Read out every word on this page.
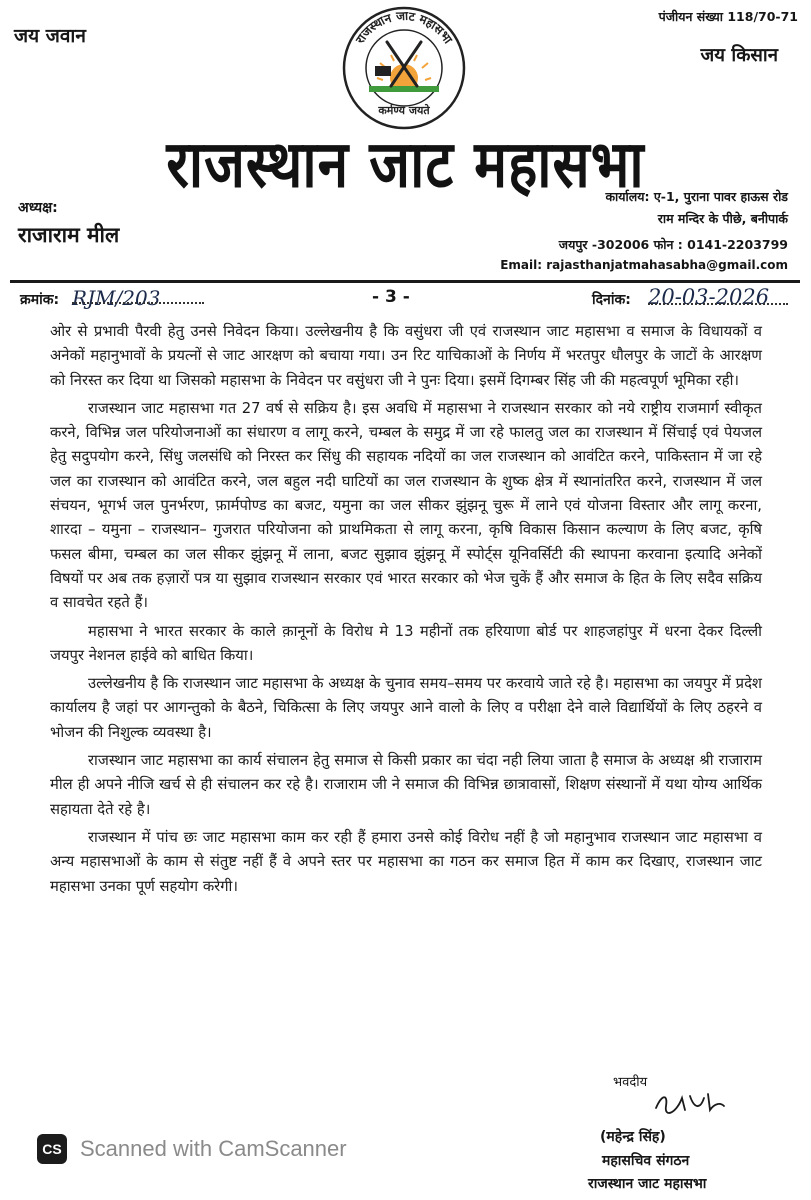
जय जवान
पंजीयन संख्या 118/70-71
जय किसान
राजस्थान जाट महासभा
कर्मण्य जयते
राजस्थान जाट महासभा
अध्यक्ष:
राजाराम मील
कार्यालय: ए-1, पुराना पावर हाऊस रोड
राम मन्दिर के पीछे, बनीपार्क
जयपुर -302006 फोन : 0141-2203799
Email: rajasthanjatmahasabha@gmail.com
क्रमांक: RJM/203	- 3 -	दिनांक: 20-03-2026

ओर से प्रभावी पैरवी हेतु उनसे निवेदन किया। उल्लेखनीय है कि वसुंधरा जी एवं राजस्थान जाट महासभा व समाज के विधायकों व अनेकों महानुभावों के प्रयत्नों से जाट आरक्षण को बचाया गया। उन रिट याचिकाओं के निर्णय में भरतपुर धौलपुर के जाटों के आरक्षण को निरस्त कर दिया था जिसको महासभा के निवेदन पर वसुंधरा जी ने पुनः दिया। इसमें दिगम्बर सिंह जी की महत्वपूर्ण भूमिका रही।

राजस्थान जाट महासभा गत 27 वर्ष से सक्रिय है। इस अवधि में महासभा ने राजस्थान सरकार को नये राष्ट्रीय राजमार्ग स्वीकृत करने, विभिन्न जल परियोजनाओं का संधारण व लागू करने, चम्बल के समुद्र में जा रहे फालतु जल का राजस्थान में सिंचाई एवं पेयजल हेतु सदुपयोग करने, सिंधु जलसंधि को निरस्त कर सिंधु की सहायक नदियों का जल राजस्थान को आवंटित करने, पाकिस्तान में जा रहे जल का राजस्थान को आवंटित करने, जल बहुल नदी घाटियों का जल राजस्थान के शुष्क क्षेत्र में स्थानांतरित करने, राजस्थान में जल संचयन, भूगर्भ जल पुनर्भरण, फ़ार्मपोण्ड का बजट, यमुना का जल सीकर झुंझनू चुरू में लाने एवं योजना विस्तार और लागू करना, शारदा – यमुना – राजस्थान– गुजरात परियोजना को प्राथमिकता से लागू करना, कृषि विकास किसान कल्याण के लिए बजट, कृषि फसल बीमा, चम्बल का जल सीकर झुंझनू में लाना, बजट सुझाव झुंझनू में स्पोर्ट्स यूनिवर्सिटी की स्थापना करवाना इत्यादि अनेकों विषयों पर अब तक हज़ारों पत्र या सुझाव राजस्थान सरकार एवं भारत सरकार को भेज चुकें हैं और समाज के हित के लिए सदैव सक्रिय व सावचेत रहते हैं।

महासभा ने भारत सरकार के काले क़ानूनों के विरोध मे 13 महीनों तक हरियाणा बोर्ड पर शाहजहांपुर में धरना देकर दिल्ली जयपुर नेशनल हाईवे को बाधित किया।

उल्लेखनीय है कि राजस्थान जाट महासभा के अध्यक्ष के चुनाव समय–समय पर करवाये जाते रहे है। महासभा का जयपुर में प्रदेश कार्यालय है जहां पर आगन्तुको के बैठने, चिकित्सा के लिए जयपुर आने वालो के लिए व परीक्षा देने वाले विद्यार्थियों के लिए ठहरने व भोजन की निशुल्क व्यवस्था है।

राजस्थान जाट महासभा का कार्य संचालन हेतु समाज से किसी प्रकार का चंदा नही लिया जाता है समाज के अध्यक्ष श्री राजाराम मील ही अपने नीजि खर्च से ही संचालन कर रहे है। राजाराम जी ने समाज की विभिन्न छात्रावासों, शिक्षण संस्थानों में यथा योग्य आर्थिक सहायता देते रहे है।

राजस्थान में पांच छः जाट महासभा काम कर रही हैं हमारा उनसे कोई विरोध नहीं है जो महानुभाव राजस्थान जाट महासभा व अन्य महासभाओं के काम से संतुष्ट नहीं हैं वे अपने स्तर पर महासभा का गठन कर समाज हित में काम कर दिखाए, राजस्थान जाट महासभा उनका पूर्ण सहयोग करेगी।

भवदीय
(महेन्द्र सिंह)
महासचिव संगठन
राजस्थान जाट महासभा
CS Scanned with CamScanner
